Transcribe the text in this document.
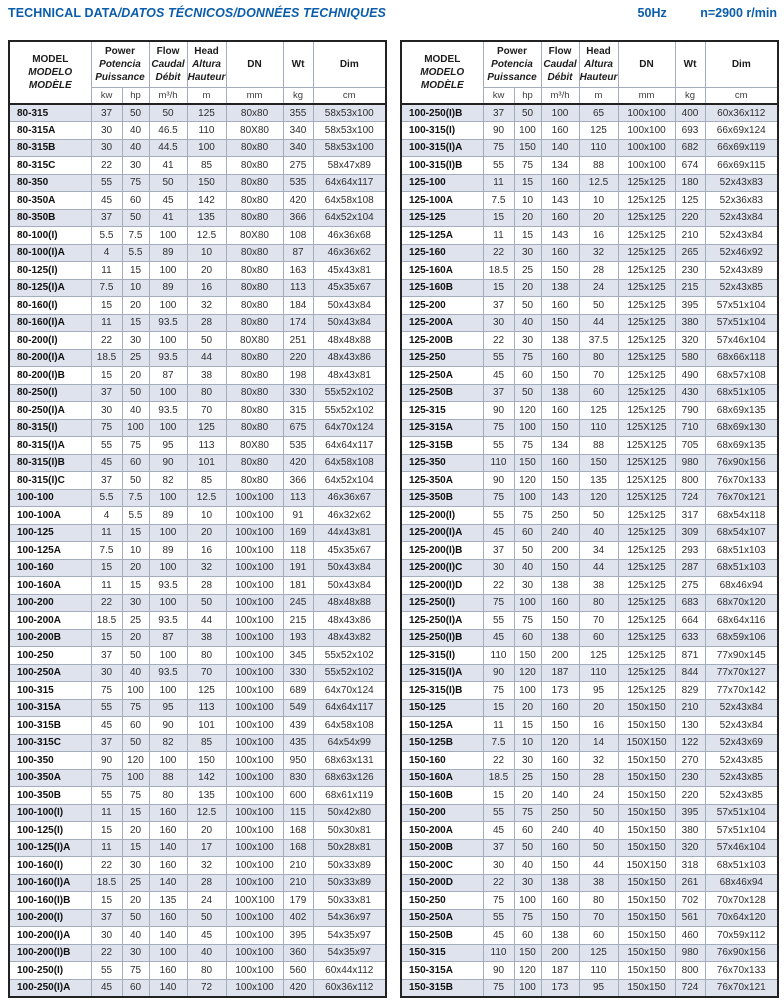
TECHNICAL DATA/DATOS TÉCNICOS/DONNÉES TECHNIQUES	50Hz	n=2900 r/min
MODEL
MODELO
MODÈLE

Power
Potencia
Puissance

Flow
Caudal
Débit

Head
Altura
Hauteur
	DN	Wt	Dim
	kw	hp	m³/h	m	mm	kg	cm
80-315	37	50	50	125	80x80	355	58x53x100
80-315A	30	40	46.5	110	80X80	340	58x53x100
80-315B	30	40	44.5	100	80x80	340	58x53x100
80-315C	22	30	41	85	80x80	275	58x47x89
80-350	55	75	50	150	80x80	535	64x64x117
80-350A	45	60	45	142	80x80	420	64x58x108
80-350B	37	50	41	135	80x80	366	64x52x104
80-100(I)	5.5	7.5	100	12.5	80X80	108	46x36x68
80-100(I)A	4	5.5	89	10	80x80	87	46x36x62
80-125(I)	11	15	100	20	80x80	163	45x43x81
80-125(I)A	7.5	10	89	16	80x80	113	45x35x67
80-160(I)	15	20	100	32	80x80	184	50x43x84
80-160(I)A	11	15	93.5	28	80x80	174	50x43x84
80-200(I)	22	30	100	50	80X80	251	48x48x88
80-200(I)A	18.5	25	93.5	44	80x80	220	48x43x86
80-200(I)B	15	20	87	38	80x80	198	48x43x81
80-250(I)	37	50	100	80	80x80	330	55x52x102
80-250(I)A	30	40	93.5	70	80x80	315	55x52x102
80-315(I)	75	100	100	125	80x80	675	64x70x124
80-315(I)A	55	75	95	113	80X80	535	64x64x117
80-315(I)B	45	60	90	101	80x80	420	64x58x108
80-315(I)C	37	50	82	85	80x80	366	64x52x104
100-100	5.5	7.5	100	12.5	100x100	113	46x36x67
100-100A	4	5.5	89	10	100x100	91	46x32x62
100-125	11	15	100	20	100x100	169	44x43x81
100-125A	7.5	10	89	16	100x100	118	45x35x67
100-160	15	20	100	32	100x100	191	50x43x84
100-160A	11	15	93.5	28	100x100	181	50x43x84
100-200	22	30	100	50	100x100	245	48x48x88
100-200A	18.5	25	93.5	44	100x100	215	48x43x86
100-200B	15	20	87	38	100x100	193	48x43x82
100-250	37	50	100	80	100x100	345	55x52x102
100-250A	30	40	93.5	70	100x100	330	55x52x102
100-315	75	100	100	125	100x100	689	64x70x124
100-315A	55	75	95	113	100x100	549	64x64x117
100-315B	45	60	90	101	100x100	439	64x58x108
100-315C	37	50	82	85	100x100	435	64x54x99
100-350	90	120	100	150	100x100	950	68x63x131
100-350A	75	100	88	142	100x100	830	68x63x126
100-350B	55	75	80	135	100x100	600	68x61x119
100-100(I)	11	15	160	12.5	100x100	115	50x42x80
100-125(I)	15	20	160	20	100x100	168	50x30x81
100-125(I)A	11	15	140	17	100x100	168	50x28x81
100-160(I)	22	30	160	32	100x100	210	50x33x89
100-160(I)A	18.5	25	140	28	100x100	210	50x33x89
100-160(I)B	15	20	135	24	100X100	179	50x33x81
100-200(I)	37	50	160	50	100x100	402	54x36x97
100-200(I)A	30	40	140	45	100x100	395	54x35x97
100-200(I)B	22	30	100	40	100x100	360	54x35x97
100-250(I)	55	75	160	80	100x100	560	60x44x112
100-250(I)A	45	60	140	72	100x100	420	60x36x112
MODEL
MODELO
MODÈLE

Power
Potencia
Puissance

Flow
Caudal
Débit

Head
Altura
Hauteur
	DN	Wt	Dim
	kw	hp	m³/h	m	mm	kg	cm
100-250(I)B	37	50	100	65	100x100	400	60x36x112
100-315(I)	90	100	160	125	100x100	693	66x69x124
100-315(I)A	75	150	140	110	100x100	682	66x69x119
100-315(I)B	55	75	134	88	100x100	674	66x69x115
125-100	11	15	160	12.5	125x125	180	52x43x83
125-100A	7.5	10	143	10	125x125	125	52x36x83
125-125	15	20	160	20	125x125	220	52x43x84
125-125A	11	15	143	16	125x125	210	52x43x84
125-160	22	30	160	32	125x125	265	52x46x92
125-160A	18.5	25	150	28	125x125	230	52x43x89
125-160B	15	20	138	24	125x125	215	52x43x85
125-200	37	50	160	50	125x125	395	57x51x104
125-200A	30	40	150	44	125x125	380	57x51x104
125-200B	22	30	138	37.5	125x125	320	57x46x104
125-250	55	75	160	80	125x125	580	68x66x118
125-250A	45	60	150	70	125x125	490	68x57x108
125-250B	37	50	138	60	125x125	430	68x51x105
125-315	90	120	160	125	125x125	790	68x69x135
125-315A	75	100	150	110	125X125	710	68x69x130
125-315B	55	75	134	88	125X125	705	68x69x135
125-350	110	150	160	150	125X125	980	76x90x156
125-350A	90	120	150	135	125X125	800	76x70x133
125-350B	75	100	143	120	125X125	724	76x70x121
125-200(I)	55	75	250	50	125x125	317	68x54x118
125-200(I)A	45	60	240	40	125x125	309	68x54x107
125-200(I)B	37	50	200	34	125x125	293	68x51x103
125-200(I)C	30	40	150	44	125x125	287	68x51x103
125-200(I)D	22	30	138	38	125x125	275	68x46x94
125-250(I)	75	100	160	80	125x125	683	68x70x120
125-250(I)A	55	75	150	70	125x125	664	68x64x116
125-250(I)B	45	60	138	60	125x125	633	68x59x106
125-315(I)	110	150	200	125	125x125	871	77x90x145
125-315(I)A	90	120	187	110	125x125	844	77x70x127
125-315(I)B	75	100	173	95	125x125	829	77x70x142
150-125	15	20	160	20	150x150	210	52x43x84
150-125A	11	15	150	16	150x150	130	52x43x84
150-125B	7.5	10	120	14	150X150	122	52x43x69
150-160	22	30	160	32	150x150	270	52x43x85
150-160A	18.5	25	150	28	150x150	230	52x43x85
150-160B	15	20	140	24	150x150	220	52x43x85
150-200	55	75	250	50	150x150	395	57x51x104
150-200A	45	60	240	40	150x150	380	57x51x104
150-200B	37	50	160	50	150x150	320	57x46x104
150-200C	30	40	150	44	150X150	318	68x51x103
150-200D	22	30	138	38	150x150	261	68x46x94
150-250	75	100	160	80	150x150	702	70x70x128
150-250A	55	75	150	70	150x150	561	70x64x120
150-250B	45	60	138	60	150x150	460	70x59x112
150-315	110	150	200	125	150x150	980	76x90x156
150-315A	90	120	187	110	150x150	800	76x70x133
150-315B	75	100	173	95	150x150	724	76x70x121
